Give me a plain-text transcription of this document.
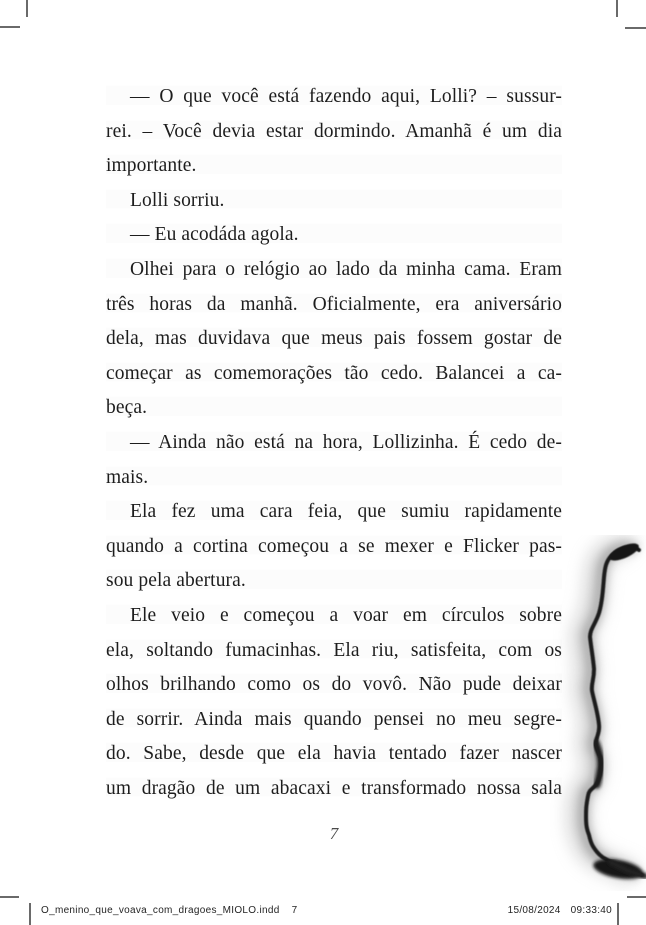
— O que você está fazendo aqui, Lolli? – sussur-
rei. – Você devia estar dormindo. Amanhã é um dia
importante.
Lolli sorriu.
— Eu acodáda agola.
Olhei para o relógio ao lado da minha cama. Eram
três horas da manhã. Oficialmente, era aniversário
dela, mas duvidava que meus pais fossem gostar de
começar as comemorações tão cedo. Balancei a ca-
beça.
— Ainda não está na hora, Lollizinha. É cedo de-
mais.
Ela fez uma cara feia, que sumiu rapidamente
quando a cortina começou a se mexer e Flicker pas-
sou pela abertura.
Ele veio e começou a voar em círculos sobre
ela, soltando fumacinhas. Ela riu, satisfeita, com os
olhos brilhando como os do vovô. Não pude deixar
de sorrir. Ainda mais quando pensei no meu segre-
do. Sabe, desde que ela havia tentado fazer nascer
um dragão de um abacaxi e transformado nossa sala
7
O_menino_que_voava_com_dragoes_MIOLO.indd 7	15/08/2024 09:33:40
